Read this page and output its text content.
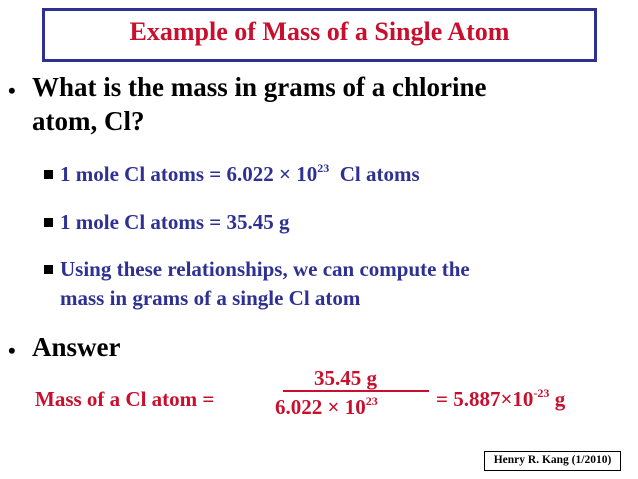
Example of Mass of a Single Atom
• What is the mass in grams of a chlorine
atom, Cl?
1 mole Cl atoms = $6.022 \times 10^{23}$ Cl atoms
1 mole Cl atoms = 35.45 g
Using these relationships, we can compute the
mass in grams of a single Cl atom
• Answer
Mass of a Cl atom =
35.45 g
$6.022 \times 10^{23}$	= $5.887\times 10^{-23}$ g
Henry R. Kang (1/2010)
